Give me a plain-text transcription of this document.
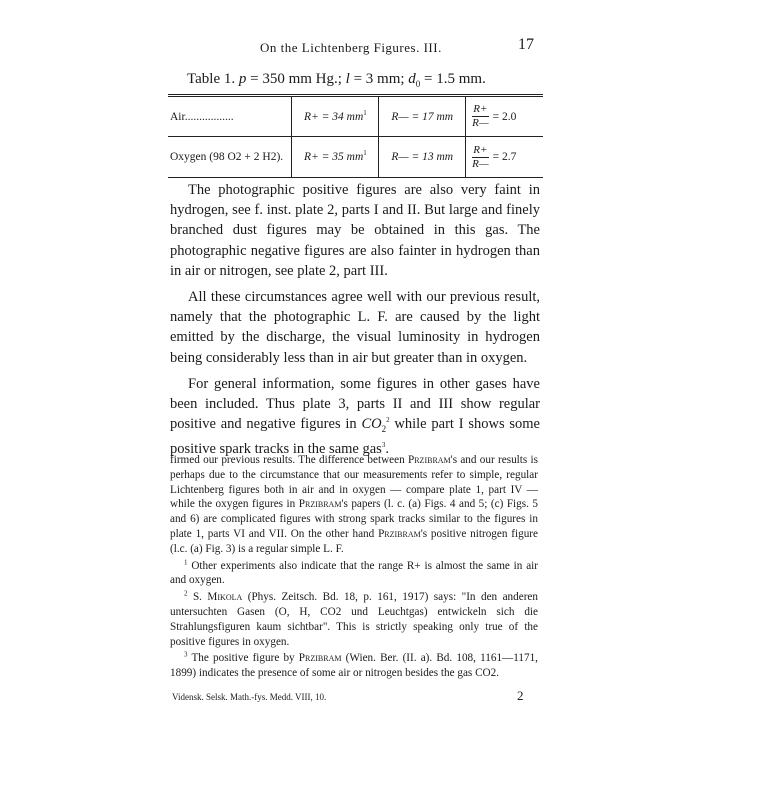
On the Lichtenberg Figures. III.	17
Table 1. p = 350 mm Hg.; l = 3 mm; $d_0 = 1.5$ mm.
Air.................	R+ = 34 $mm^1$	R— = 17 mm	$\frac{R+}{R—} = 2.0$
Oxygen (98 O2 + 2 H2).	R+ = 35 $mm^1$	R— = 13 mm	$\frac{R+}{R—} = 2.7$

The photographic positive figures are also very faint in hydrogen, see f. inst. plate 2, parts I and II. But large and finely branched dust figures may be obtained in this gas. The photographic negative figures are also fainter in hydrogen than in air or nitrogen, see plate 2, part III.

All these circumstances agree well with our previous result, namely that the photographic L. F. are caused by the light emitted by the discharge, the visual luminosity in hydrogen being considerably less than in air but greater than in oxygen.

For general information, some figures in other gases have been included. Thus plate 3, parts II and III show regular positive and negative figures in $CO_2^2$ while part I shows some positive spark tracks in the same gas$^3$.

firmed our previous results. The difference between Przibram's and our results is perhaps due to the circumstance that our measurements refer to simple, regular Lichtenberg figures both in air and in oxygen — compare plate 1, part IV — while the oxygen figures in Przibram's papers (l. c. (a) Figs. 4 and 5; (c) Figs. 5 and 6) are complicated figures with strong spark tracks similar to the figures in plate 1, parts VI and VII. On the other hand Przibram's positive nitrogen figure (l.c. (a) Fig. 3) is a regular simple L. F.

$^1$ Other experiments also indicate that the range R+ is almost the same in air and oxygen.

$^2$ S. Mikola (Phys. Zeitsch. Bd. 18, p. 161, 1917) says: "In den anderen untersuchten Gasen (O, H, CO2 und Leuchtgas) entwickeln sich die Strahlungsfiguren kaum sichtbar". This is strictly speaking only true of the positive figures in oxygen.

$^3$ The positive figure by Przibram (Wien. Ber. (II. a). Bd. 108, 1161—1171, 1899) indicates the presence of some air or nitrogen besides the gas CO2.

Vidensk. Selsk. Math.-fys. Medd. VIII, 10.	2
